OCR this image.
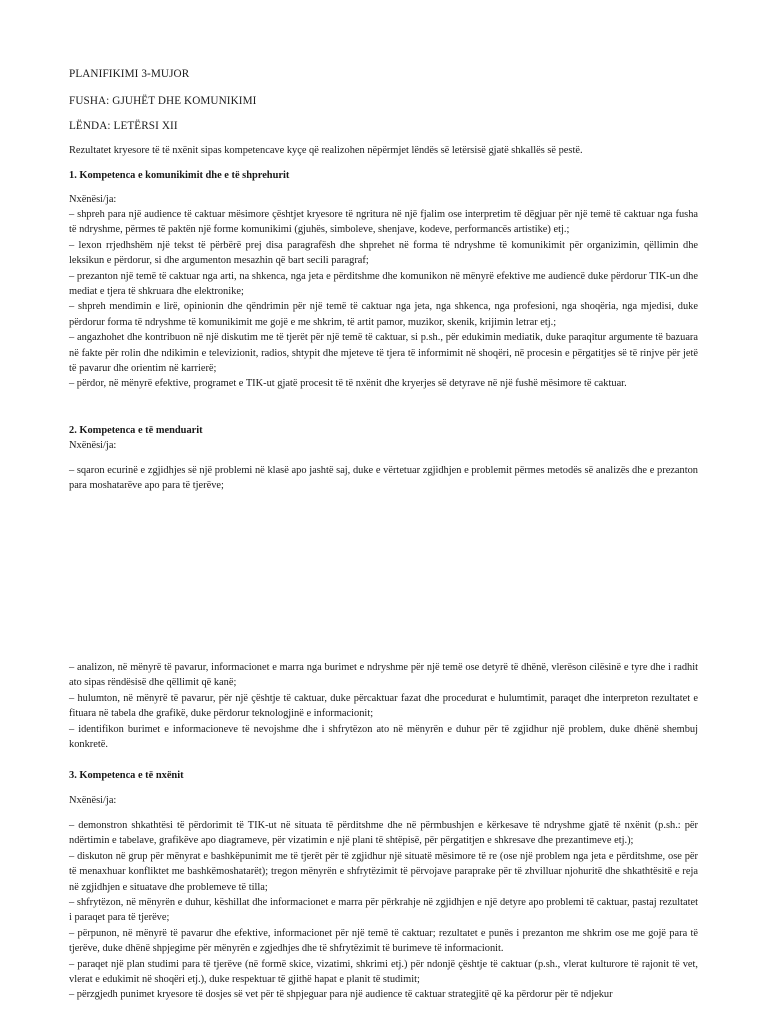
PLANIFIKIMI 3-MUJOR
FUSHA: GJUHËT DHE KOMUNIKIMI
LËNDA: LETËRSI XII
Rezultatet kryesore të të nxënit sipas kompetencave kyçe që realizohen nëpërmjet lëndës së letërsisë gjatë shkallës së pestë.
1. Kompetenca e komunikimit dhe e të shprehurit
Nxënësi/ja:
– shpreh para një audience të caktuar mësimore çështjet kryesore të ngritura në një fjalim ose interpretim të dëgjuar për një temë të caktuar nga fusha të ndryshme, përmes të paktën një forme komunikimi (gjuhës, simboleve, shenjave, kodeve, performancës artistike) etj.;
– lexon rrjedhshëm një tekst të përbërë prej disa paragrafësh dhe shprehet në forma të ndryshme të komunikimit për organizimin, qëllimin dhe leksikun e përdorur, si dhe argumenton mesazhin që bart secili paragraf;
– prezanton një temë të caktuar nga arti, na shkenca, nga jeta e përditshme dhe komunikon në mënyrë efektive me audiencë duke përdorur TIK-un dhe mediat e tjera të shkruara dhe elektronike;
– shpreh mendimin e lirë, opinionin dhe qëndrimin për një temë të caktuar nga jeta, nga shkenca, nga profesioni, nga shoqëria, nga mjedisi, duke përdorur forma të ndryshme të komunikimit me gojë e me shkrim, të artit pamor, muzikor, skenik, krijimin letrar etj.;
– angazhohet dhe kontribuon në një diskutim me të tjerët për një temë të caktuar, si p.sh., për edukimin mediatik, duke paraqitur argumente të bazuara në fakte për rolin dhe ndikimin e televizionit, radios, shtypit dhe mjeteve të tjera të informimit në shoqëri, në procesin e përgatitjes së të rinjve për jetë të pavarur dhe orientim në karrierë;
– përdor, në mënyrë efektive, programet e TIK-ut gjatë procesit të të nxënit dhe kryerjes së detyrave në një fushë mësimore të caktuar.
2. Kompetenca e të menduarit
Nxënësi/ja:
– sqaron ecurinë e zgjidhjes së një problemi në klasë apo jashtë saj, duke e vërtetuar zgjidhjen e problemit përmes metodës së analizës dhe e prezanton para moshatarëve apo para të tjerëve;
– analizon, në mënyrë të pavarur, informacionet e marra nga burimet e ndryshme për një temë ose detyrë të dhënë, vlerëson cilësinë e tyre dhe i radhit ato sipas rëndësisë dhe qëllimit që kanë;
– hulumton, në mënyrë të pavarur, për një çështje të caktuar, duke përcaktuar fazat dhe procedurat e hulumtimit, paraqet dhe interpreton rezultatet e fituara në tabela dhe grafikë, duke përdorur teknologjinë e informacionit;
– identifikon burimet e informacioneve të nevojshme dhe i shfrytëzon ato në mënyrën e duhur për të zgjidhur një problem, duke dhënë shembuj konkretë.
3. Kompetenca e të nxënit
Nxënësi/ja:
– demonstron shkathtësi të përdorimit të TIK-ut në situata të përditshme dhe në përmbushjen e kërkesave të ndryshme gjatë të nxënit (p.sh.: për ndërtimin e tabelave, grafikëve apo diagrameve, për vizatimin e një plani të shtëpisë, për përgatitjen e shkresave dhe prezantimeve etj.);
– diskuton në grup për mënyrat e bashkëpunimit me të tjerët për të zgjidhur një situatë mësimore të re (ose një problem nga jeta e përditshme, ose për të menaxhuar konfliktet me bashkëmoshatarët); tregon mënyrën e shfrytëzimit të përvojave paraprake për të zhvilluar njohuritë dhe shkathtësitë e reja në zgjidhjen e situatave dhe problemeve të tilla;
– shfrytëzon, në mënyrën e duhur, këshillat dhe informacionet e marra për përkrahje në zgjidhjen e një detyre apo problemi të caktuar, pastaj rezultatet i paraqet para të tjerëve;
– përpunon, në mënyrë të pavarur dhe efektive, informacionet për një temë të caktuar; rezultatet e punës i prezanton me shkrim ose me gojë para të tjerëve, duke dhënë shpjegime për mënyrën e zgjedhjes dhe të shfrytëzimit të burimeve të informacionit.
– paraqet një plan studimi para të tjerëve (në formë skice, vizatimi, shkrimi etj.) për ndonjë çështje të caktuar (p.sh., vlerat kulturore të rajonit të vet, vlerat e edukimit në shoqëri etj.), duke respektuar të gjithë hapat e planit të studimit;
– përzgjedh punimet kryesore të dosjes së vet për të shpjeguar para një audience të caktuar strategjitë që ka përdorur për të ndjekur
